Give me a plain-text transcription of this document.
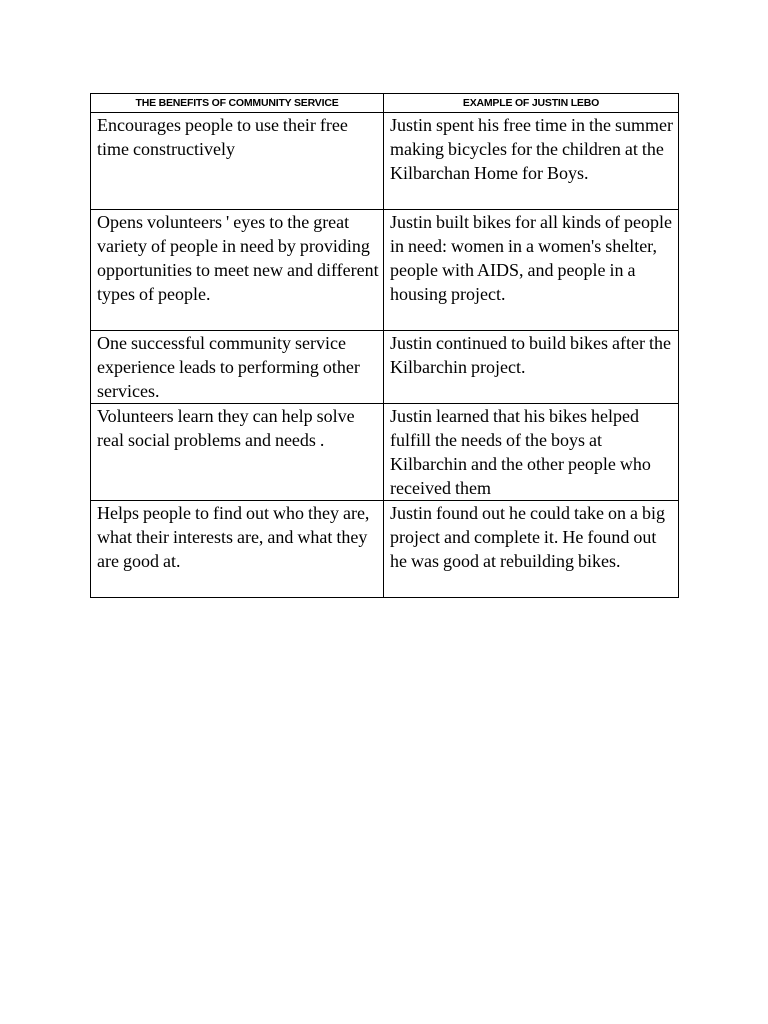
THE BENEFITS OF COMMUNITY SERVICE	EXAMPLE OF JUSTIN LEBO
Encourages people to use their free time constructively	Justin spent his free time in the summer making bicycles for the children at the Kilbarchan Home for Boys.
Opens volunteers ' eyes to the great variety of people in need by providing opportunities to meet new and different types of people.	Justin built bikes for all kinds of people in need: women in a women's shelter, people with AIDS, and people in a housing project.
One successful community service experience leads to performing other services.	Justin continued to build bikes after the Kilbarchin project.
Volunteers learn they can help solve real social problems and needs .	Justin learned that his bikes helped fulfill the needs of the boys at Kilbarchin and the other people who received them
Helps people to find out who they are, what their interests are, and what they are good at.	Justin found out he could take on a big project and complete it. He found out he was good at rebuilding bikes.
